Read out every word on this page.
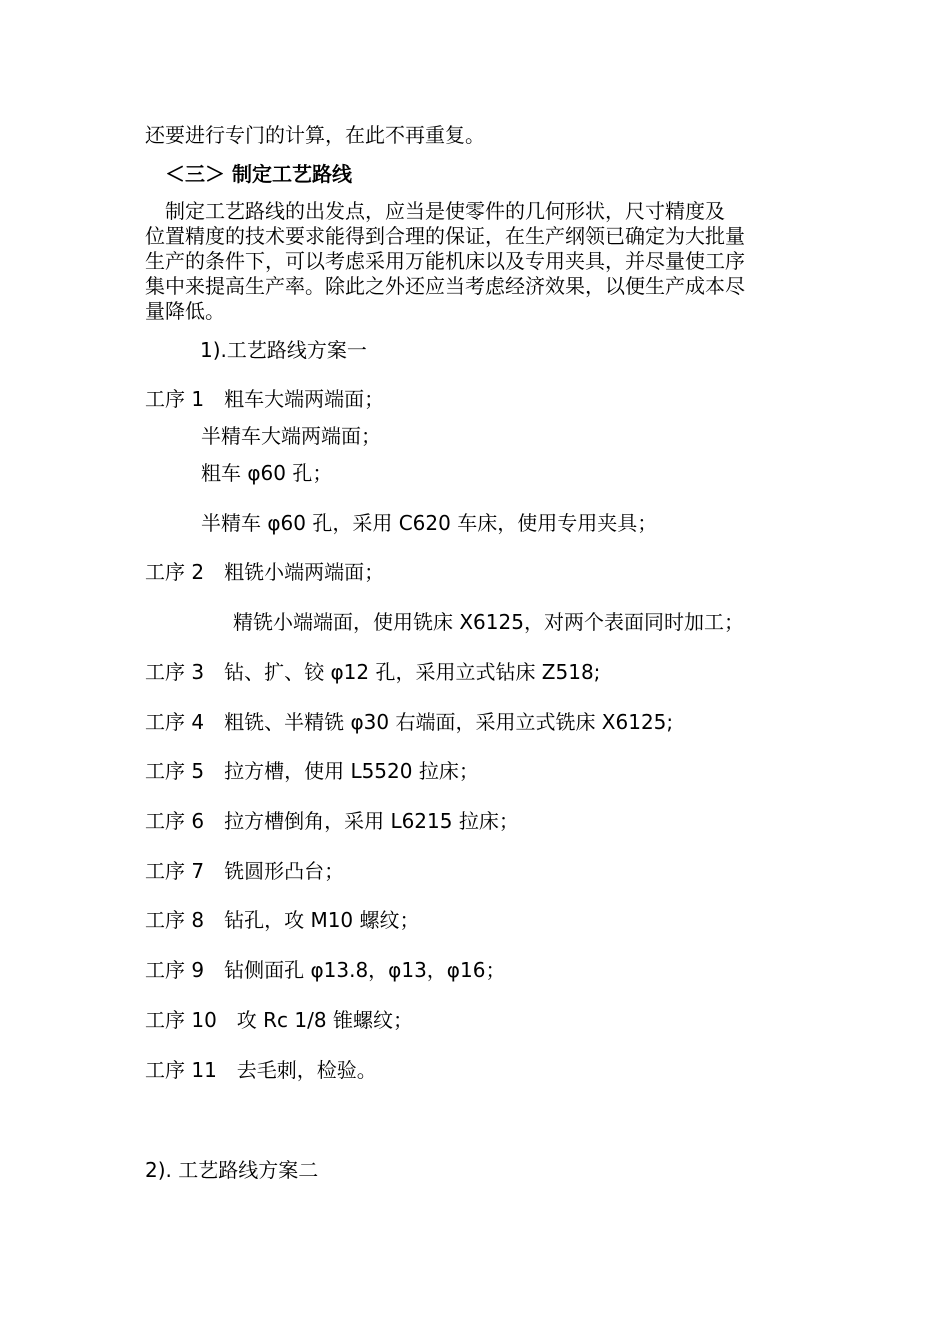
还要进行专门的计算，在此不再重复。
＜三＞ 制定工艺路线
　制定工艺路线的出发点，应当是使零件的几何形状，尺寸精度及
位置精度的技术要求能得到合理的保证，在生产纲领已确定为大批量
生产的条件下，可以考虑采用万能机床以及专用夹具，并尽量使工序
集中来提高生产率。除此之外还应当考虑经济效果，以便生产成本尽
量降低。
1).工艺路线方案一
工序 1　粗车大端两端面；
半精车大端两端面；
粗车 φ60 孔；
半精车 φ60 孔，采用 C620 车床，使用专用夹具；
工序 2　粗铣小端两端面；
精铣小端端面，使用铣床 X6125，对两个表面同时加工；
工序 3　钻、扩、铰 φ12 孔，采用立式钻床 Z518;
工序 4　粗铣、半精铣 φ30 右端面，采用立式铣床 X6125;
工序 5　拉方槽，使用 L5520 拉床；
工序 6　拉方槽倒角，采用 L6215 拉床；
工序 7　铣圆形凸台；
工序 8　钻孔，攻 M10 螺纹；
工序 9　钻侧面孔 φ13.8，φ13，φ16；
工序 10　攻 Rc 1/8 锥螺纹；
工序 11　去毛刺，检验。
2). 工艺路线方案二
